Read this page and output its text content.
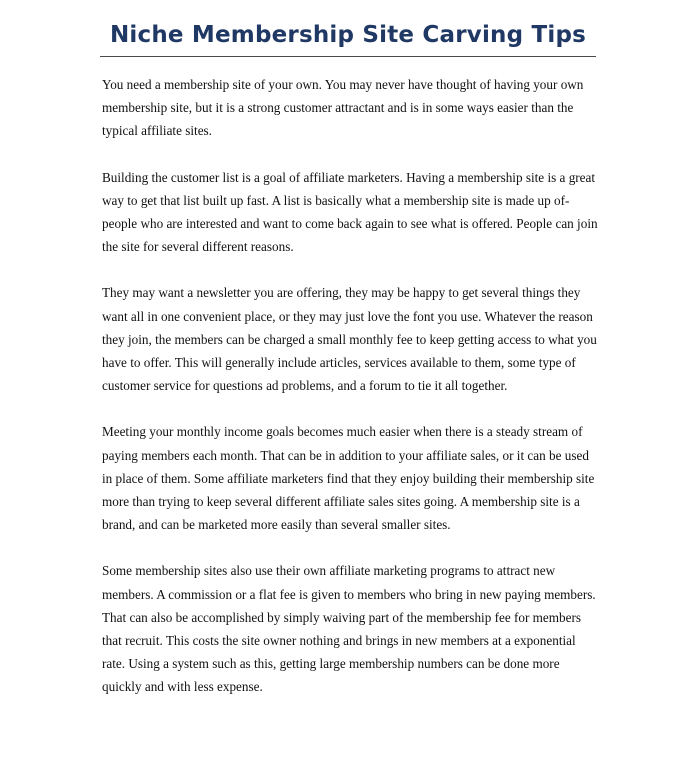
Niche Membership Site Carving Tips

You need a membership site of your own. You may never have thought of having your own membership site, but it is a strong customer attractant and is in some ways easier than the typical affiliate sites.

Building the customer list is a goal of affiliate marketers. Having a membership site is a great way to get that list built up fast. A list is basically what a membership site is made up of- people who are interested and want to come back again to see what is offered. People can join the site for several different reasons.

They may want a newsletter you are offering, they may be happy to get several things they want all in one convenient place, or they may just love the font you use. Whatever the reason they join, the members can be charged a small monthly fee to keep getting access to what you have to offer. This will generally include articles, services available to them, some type of customer service for questions ad problems, and a forum to tie it all together.

Meeting your monthly income goals becomes much easier when there is a steady stream of paying members each month. That can be in addition to your affiliate sales, or it can be used in place of them. Some affiliate marketers find that they enjoy building their membership site more than trying to keep several different affiliate sales sites going. A membership site is a brand, and can be marketed more easily than several smaller sites.

Some membership sites also use their own affiliate marketing programs to attract new members. A commission or a flat fee is given to members who bring in new paying members. That can also be accomplished by simply waiving part of the membership fee for members that recruit. This costs the site owner nothing and brings in new members at a exponential rate. Using a system such as this, getting large membership numbers can be done more quickly and with less expense.
